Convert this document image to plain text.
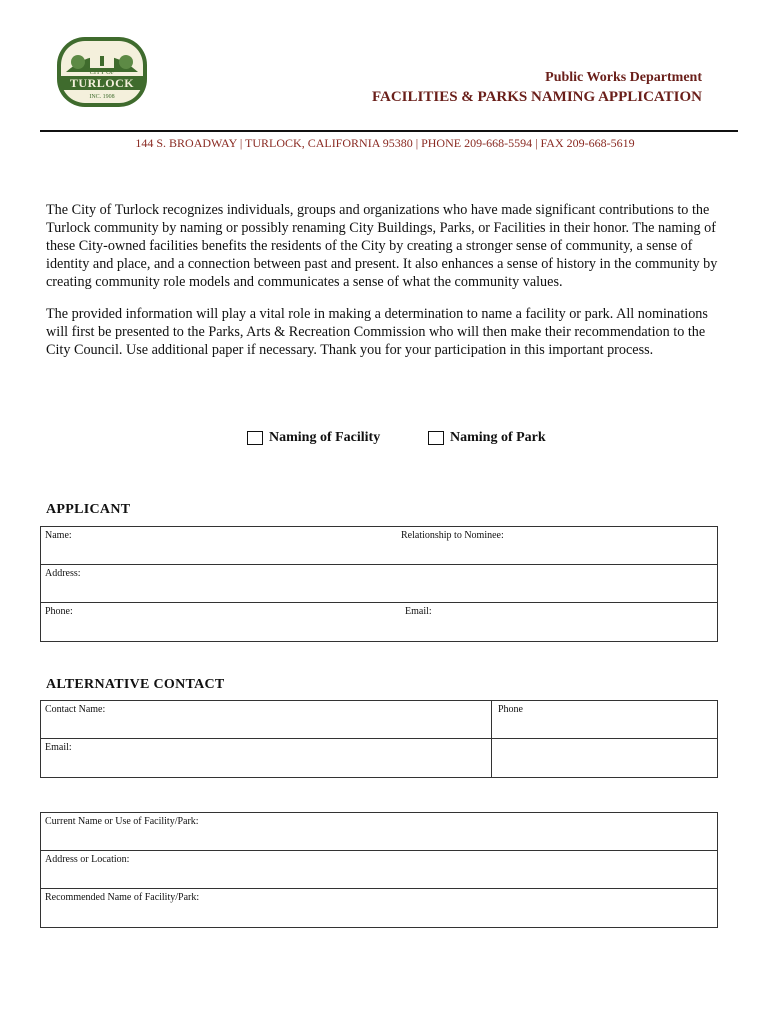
CITY OF
TURLOCK
INC. 1908
Public Works Department
FACILITIES & PARKS NAMING APPLICATION
144 S. BROADWAY | TURLOCK, CALIFORNIA 95380 | PHONE 209-668-5594 | FAX 209-668-5619

The City of Turlock recognizes individuals, groups and organizations who have made significant contributions to the Turlock community by naming or possibly renaming City Buildings, Parks, or Facilities in their honor. The naming of these City-owned facilities benefits the residents of the City by creating a stronger sense of community, a sense of identity and place, and a connection between past and present. It also enhances a sense of history in the community by creating community role models and communicates a sense of what the community values.

The provided information will play a vital role in making a determination to name a facility or park. All nominations will first be presented to the Parks, Arts & Recreation Commission who will then make their recommendation to the City Council. Use additional paper if necessary. Thank you for your participation in this important process.

Naming of Facility	Naming of Park
APPLICANT
Name:	Relationship to Nominee:
Address:
Phone:	Email:
ALTERNATIVE CONTACT
Contact Name:	Phone
Email:
Current Name or Use of Facility/Park:
Address or Location:
Recommended Name of Facility/Park:
